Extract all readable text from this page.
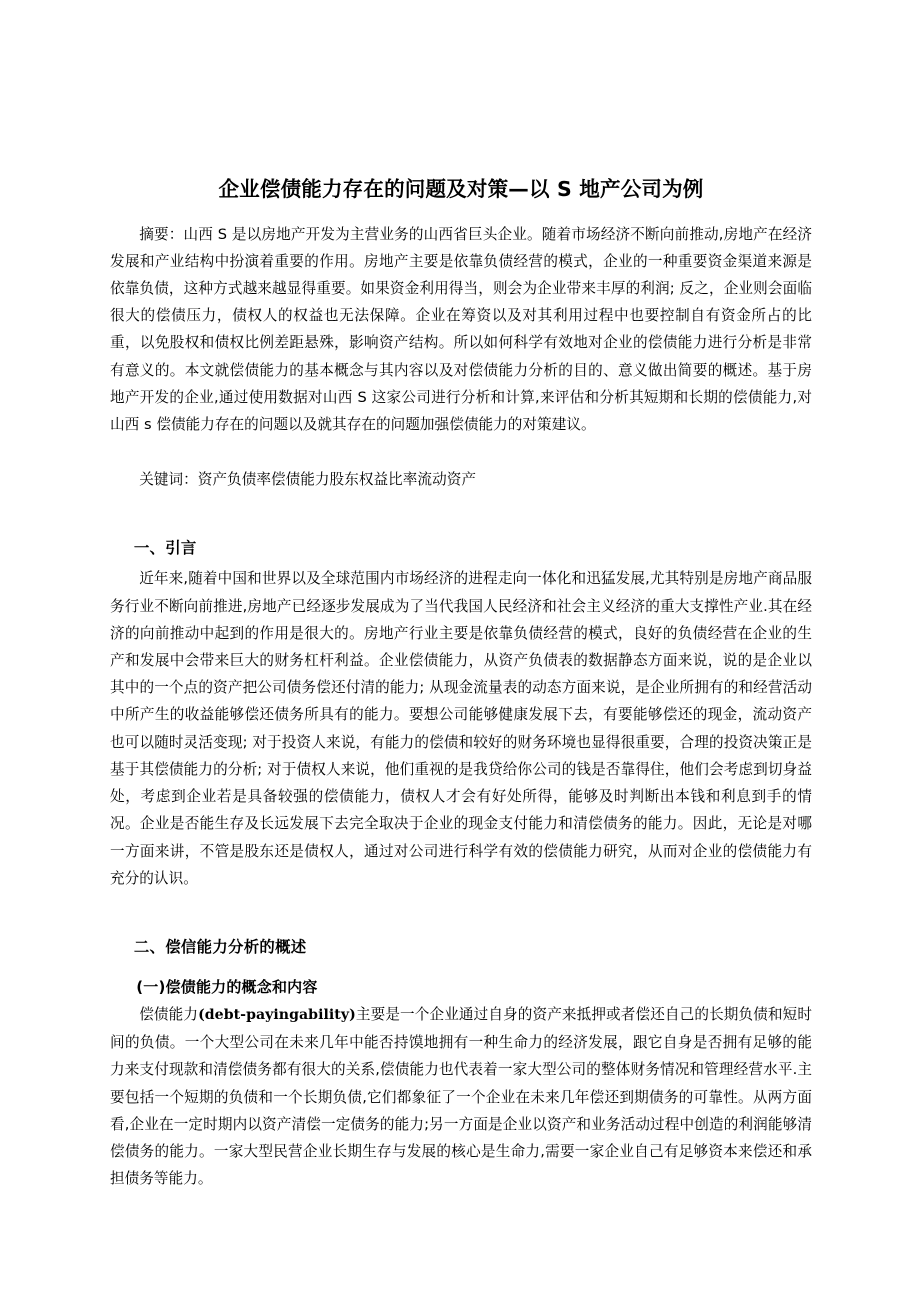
企业偿债能力存在的问题及对策—以 S 地产公司为例

摘要：山西 S 是以房地产开发为主营业务的山西省巨头企业。随着市场经济不断向前推动,房地产在经济发展和产业结构中扮演着重要的作用。房地产主要是依靠负债经营的模式，企业的一种重要资金渠道来源是依靠负债，这种方式越来越显得重要。如果资金利用得当，则会为企业带来丰厚的利润; 反之，企业则会面临很大的偿债压力，债权人的权益也无法保障。企业在筹资以及对其利用过程中也要控制自有资金所占的比重，以免股权和债权比例差距悬殊，影响资产结构。所以如何科学有效地对企业的偿债能力进行分析是非常有意义的。本文就偿债能力的基本概念与其内容以及对偿债能力分析的目的、意义做出简要的概述。基于房地产开发的企业,通过使用数据对山西 S 这家公司进行分析和计算,来评估和分析其短期和长期的偿债能力,对山西 s 偿债能力存在的问题以及就其存在的问题加强偿债能力的对策建议。

关键词：资产负债率偿债能力股东权益比率流动资产

一、引言

近年来,随着中国和世界以及全球范围内市场经济的进程走向一体化和迅猛发展,尤其特别是房地产商品服务行业不断向前推进,房地产已经逐步发展成为了当代我国人民经济和社会主义经济的重大支撑性产业.其在经济的向前推动中起到的作用是很大的。房地产行业主要是依靠负债经营的模式，良好的负债经营在企业的生产和发展中会带来巨大的财务杠杆利益。企业偿债能力，从资产负债表的数据静态方面来说，说的是企业以其中的一个点的资产把公司债务偿还付清的能力; 从现金流量表的动态方面来说，是企业所拥有的和经营活动中所产生的收益能够偿还债务所具有的能力。要想公司能够健康发展下去，有要能够偿还的现金，流动资产也可以随时灵活变现; 对于投资人来说，有能力的偿债和较好的财务环境也显得很重要，合理的投资决策正是基于其偿债能力的分析; 对于债权人来说，他们重视的是我贷给你公司的钱是否靠得住，他们会考虑到切身益处，考虑到企业若是具备较强的偿债能力，债权人才会有好处所得，能够及时判断出本钱和利息到手的情况。企业是否能生存及长远发展下去完全取决于企业的现金支付能力和清偿债务的能力。因此，无论是对哪一方面来讲，不管是股东还是债权人，通过对公司进行科学有效的偿债能力研究，从而对企业的偿债能力有充分的认识。

二、偿信能力分析的概述
(一)偿债能力的概念和内容

偿债能力(debt-payingability)主要是一个企业通过自身的资产来抵押或者偿还自己的长期负债和短时间的负债。一个大型公司在未来几年中能否持馍地拥有一种生命力的经济发展，跟它自身是否拥有足够的能力来支付现款和清偿债务都有很大的关系,偿债能力也代表着一家大型公司的整体财务情况和管理经营水平.主要包括一个短期的负债和一个长期负债,它们都象征了一个企业在未来几年偿还到期债务的可靠性。从两方面看,企业在一定时期内以资产清偿一定债务的能力;另一方面是企业以资产和业务活动过程中创造的利润能够清偿债务的能力。一家大型民营企业长期生存与发展的核心是生命力,需要一家企业自己有足够资本来偿还和承担债务等能力。
